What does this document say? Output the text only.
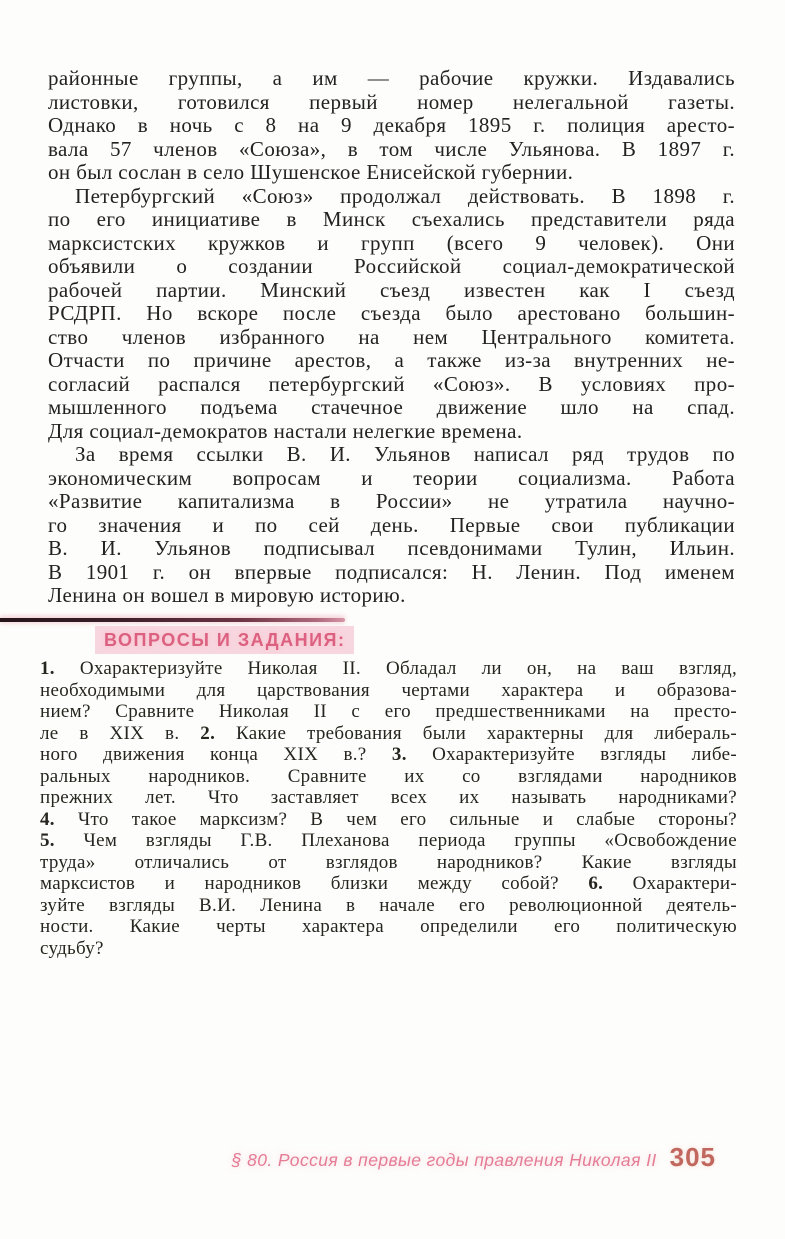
районные группы, а им — рабочие кружки. Издавались
листовки, готовился первый номер нелегальной газеты.
Однако в ночь с 8 на 9 декабря 1895 г. полиция аресто-
вала 57 членов «Союза», в том числе Ульянова. В 1897 г.
он был сослан в село Шушенское Енисейской губернии.
Петербургский «Союз» продолжал действовать. В 1898 г.
по его инициативе в Минск съехались представители ряда
марксистских кружков и групп (всего 9 человек). Они
объявили о создании Российской социал-демократической
рабочей партии. Минский съезд известен как I съезд
РСДРП. Но вскоре после съезда было арестовано большин-
ство членов избранного на нем Центрального комитета.
Отчасти по причине арестов, а также из-за внутренних не-
согласий распался петербургский «Союз». В условиях про-
мышленного подъема стачечное движение шло на спад.
Для социал-демократов настали нелегкие времена.
За время ссылки В. И. Ульянов написал ряд трудов по
экономическим вопросам и теории социализма. Работа
«Развитие капитализма в России» не утратила научно-
го значения и по сей день. Первые свои публикации
В. И. Ульянов подписывал псевдонимами Тулин, Ильин.
В 1901 г. он впервые подписался: Н. Ленин. Под именем
Ленина он вошел в мировую историю.
ВОПРОСЫ И ЗАДАНИЯ:
1. Охарактеризуйте Николая II. Обладал ли он, на ваш взгляд,
необходимыми для царствования чертами характера и образова-
нием? Сравните Николая II с его предшественниками на престо-
ле в XIX в. 2. Какие требования были характерны для либераль-
ного движения конца XIX в.? 3. Охарактеризуйте взгляды либе-
ральных народников. Сравните их со взглядами народников
прежних лет. Что заставляет всех их называть народниками?
4. Что такое марксизм? В чем его сильные и слабые стороны?
5. Чем взгляды Г.В. Плеханова периода группы «Освобождение
труда» отличались от взглядов народников? Какие взгляды
марксистов и народников близки между собой? 6. Охарактери-
зуйте взгляды В.И. Ленина в начале его революционной деятель-
ности. Какие черты характера определили его политическую
судьбу?
§ 80. Россия в первые годы правления Николая II 305
